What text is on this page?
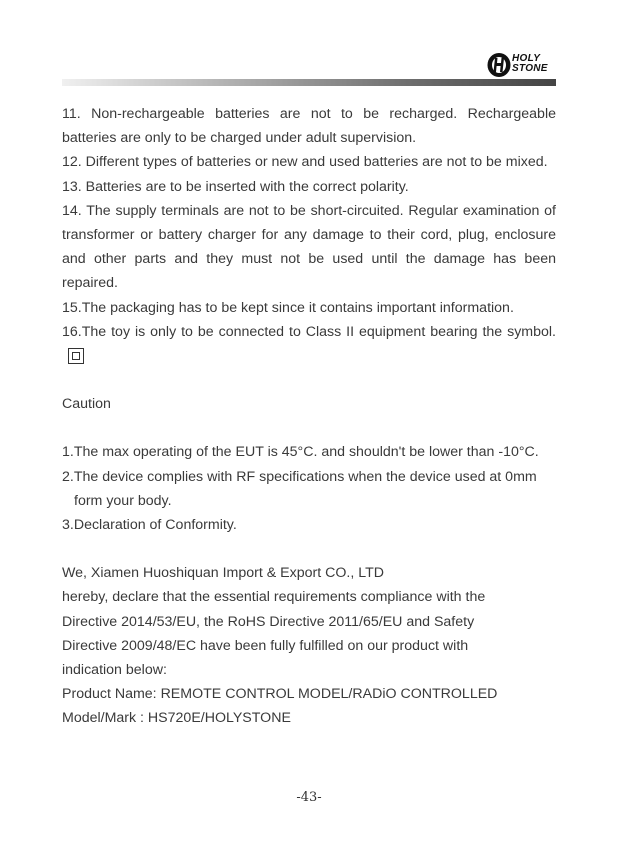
HOLY
STONE

11. Non-rechargeable batteries are not to be recharged. Rechargeable batteries are only to be charged under adult supervision.

12. Different types of batteries or new and used batteries are not to be mixed.

13. Batteries are to be inserted with the correct polarity.

14. The supply terminals are not to be short-circuited. Regular examination of transformer or battery charger for any damage to their cord, plug, enclosure and other parts and they must not be used until the damage has been repaired.

15.The packaging has to be kept since it contains important information.

16.The toy is only to be connected to Class II equipment bearing the symbol.

Caution

1.The max operating of the EUT is 45°C. and shouldn't be lower than -10°C.

2.The device complies with RF specifications when the device used at 0mm

form your body.

3.Declaration of Conformity.

We, Xiamen Huoshiquan Import & Export CO., LTD

hereby, declare that the essential requirements compliance with the

Directive 2014/53/EU, the RoHS Directive 2011/65/EU and Safety

Directive 2009/48/EC have been fully fulfilled on our product with

indication below:

Product Name: REMOTE CONTROL MODEL/RADiO CONTROLLED

Model/Mark : HS720E/HOLYSTONE

-43-
